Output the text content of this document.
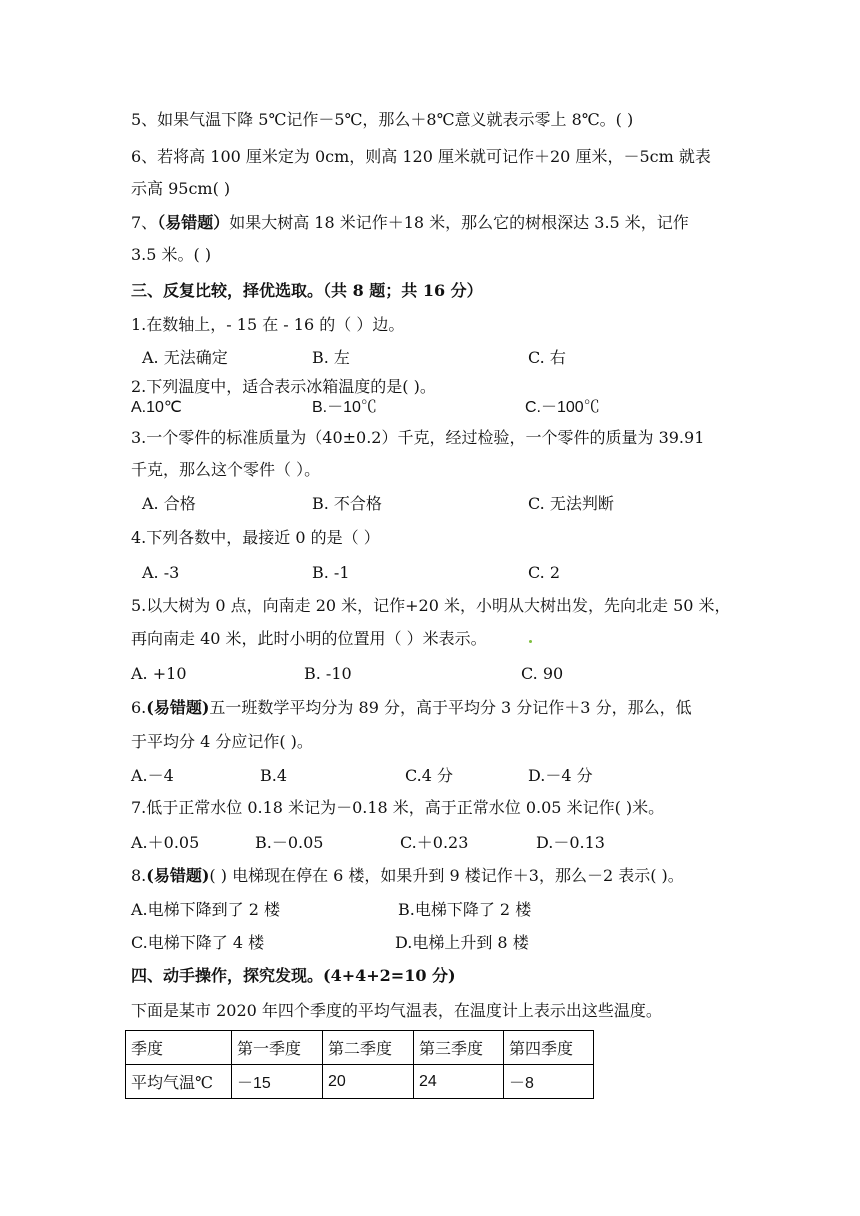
5、如果气温下降 5℃记作－5℃，那么＋8℃意义就表示零上 8℃。( )
6、若将高 100 厘米定为 0cm，则高 120 厘米就可记作＋20 厘米，－5cm 就表
示高 95cm( )
7、（易错题）如果大树高 18 米记作＋18 米，那么它的树根深达 3.5 米，记作
3.5 米。( )
三、反复比较，择优选取。（共 8 题；共 16 分）
1.在数轴上，- 15 在 - 16 的（ ）边。
A. 无法确定	B. 左	C. 右
2.下列温度中，适合表示冰箱温度的是( )。
A.10℃	B.－10℃	C.－100℃
3.一个零件的标准质量为（40±0.2）千克，经过检验，一个零件的质量为 39.91
千克，那么这个零件（ ）。
A. 合格	B. 不合格	C. 无法判断
4.下列各数中，最接近 0 的是（ ）
A. -3	B. -1	C. 2
5.以大树为 0 点，向南走 20 米，记作+20 米，小明从大树出发，先向北走 50 米，
再向南走 40 米，此时小明的位置用（ ）米表示。
A. +10	B. -10	C. 90
6.(易错题)五一班数学平均分为 89 分，高于平均分 3 分记作＋3 分，那么，低
于平均分 4 分应记作( )。
A.－4	B.4	C.4 分	D.－4 分
7.低于正常水位 0.18 米记为－0.18 米，高于正常水位 0.05 米记作( )米。
A.＋0.05	B.－0.05	C.＋0.23	D.－0.13
8.(易错题)( ) 电梯现在停在 6 楼，如果升到 9 楼记作＋3，那么－2 表示( )。
A.电梯下降到了 2 楼	B.电梯下降了 2 楼
C.电梯下降了 4 楼	D.电梯上升到 8 楼
四、动手操作，探究发现。(4+4+2=10 分)
下面是某市 2020 年四个季度的平均气温表，在温度计上表示出这些温度。
季度	第一季度	第二季度	第三季度	第四季度
平均气温℃	－15	20	24	－8
